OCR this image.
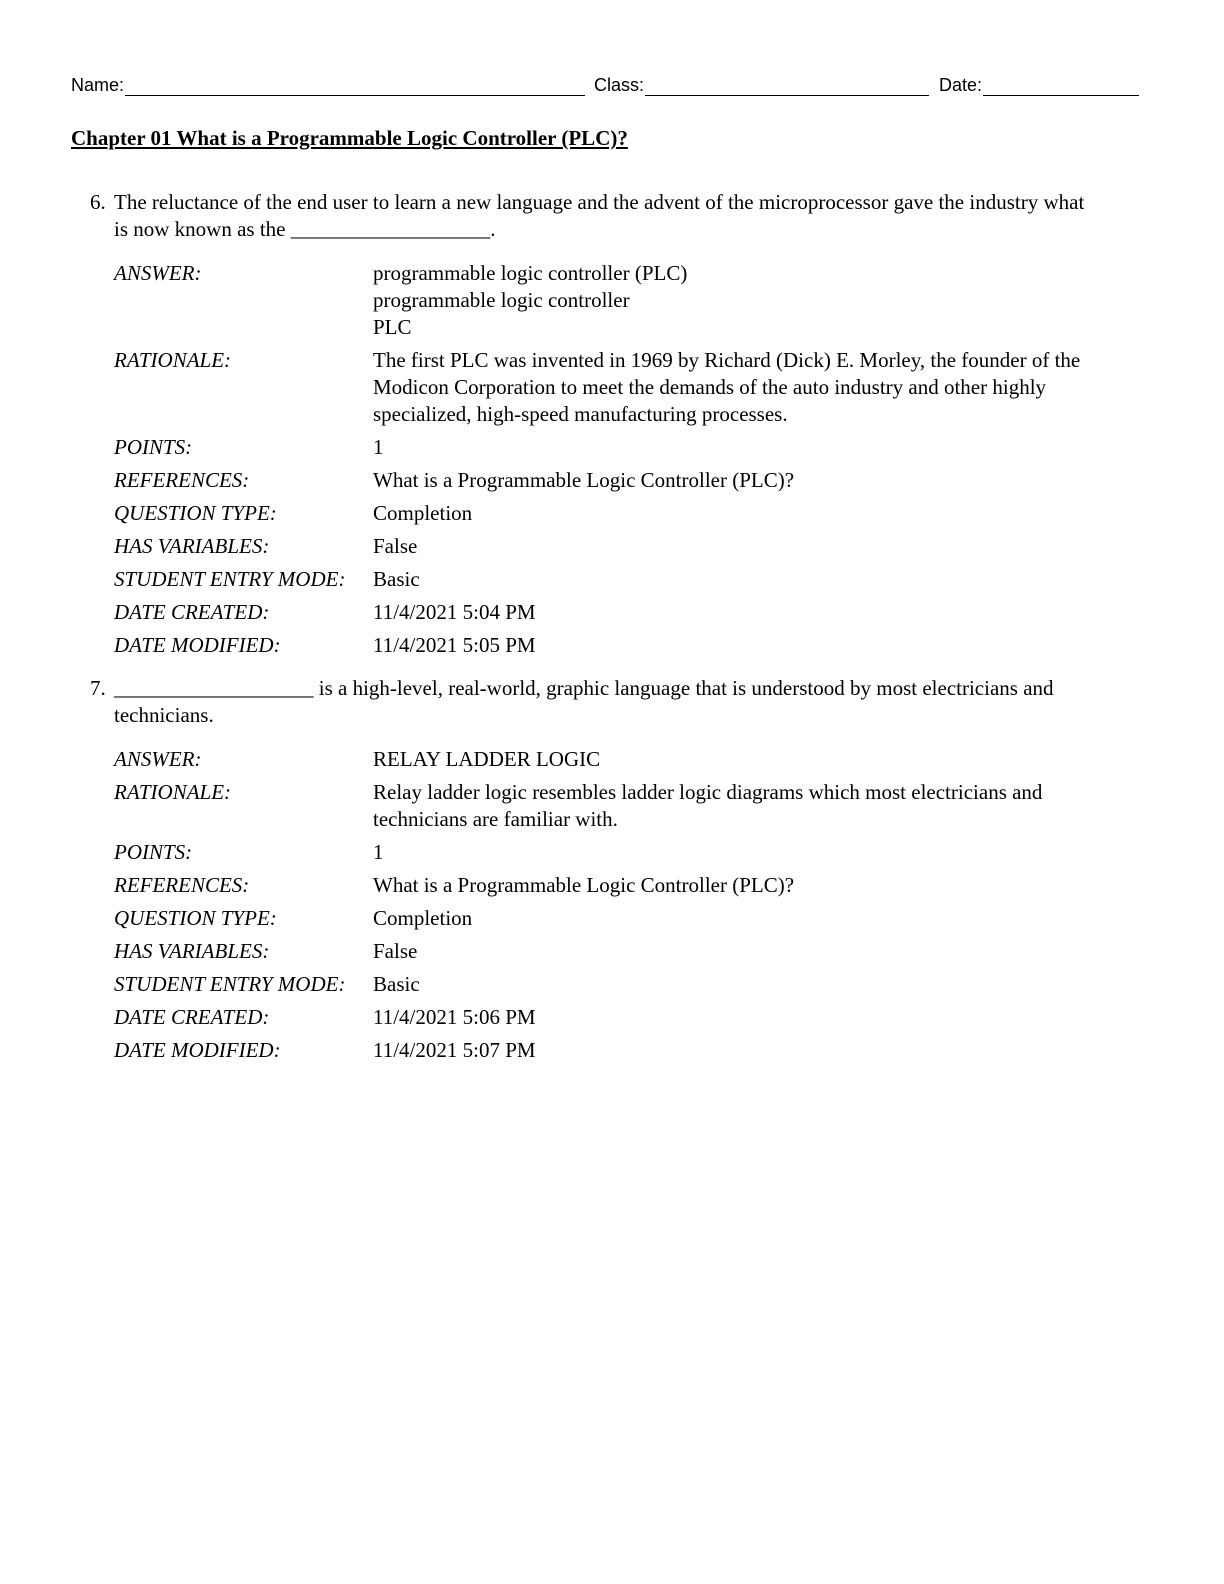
Name:	Class:	Date:
Chapter 01 What is a Programmable Logic Controller (PLC)?
6. The reluctance of the end user to learn a new language and the advent of the microprocessor gave the industry what
is now known as the ___________________.
ANSWER:	programmable logic controller (PLC)
programmable logic controller
PLC
RATIONALE:	The first PLC was invented in 1969 by Richard (Dick) E. Morley, the founder of the Modicon Corporation to meet the demands of the auto industry and other highly specialized, high-speed manufacturing processes.
POINTS:	1
REFERENCES:	What is a Programmable Logic Controller (PLC)?
QUESTION TYPE:	Completion
HAS VARIABLES:	False
STUDENT ENTRY MODE:	Basic
DATE CREATED:	11/4/2021 5:04 PM
DATE MODIFIED:	11/4/2021 5:05 PM
7. ___________________ is a high-level, real-world, graphic language that is understood by most electricians and
technicians.
ANSWER:	RELAY LADDER LOGIC
RATIONALE:	Relay ladder logic resembles ladder logic diagrams which most electricians and technicians are familiar with.
POINTS:	1
REFERENCES:	What is a Programmable Logic Controller (PLC)?
QUESTION TYPE:	Completion
HAS VARIABLES:	False
STUDENT ENTRY MODE:	Basic
DATE CREATED:	11/4/2021 5:06 PM
DATE MODIFIED:	11/4/2021 5:07 PM
